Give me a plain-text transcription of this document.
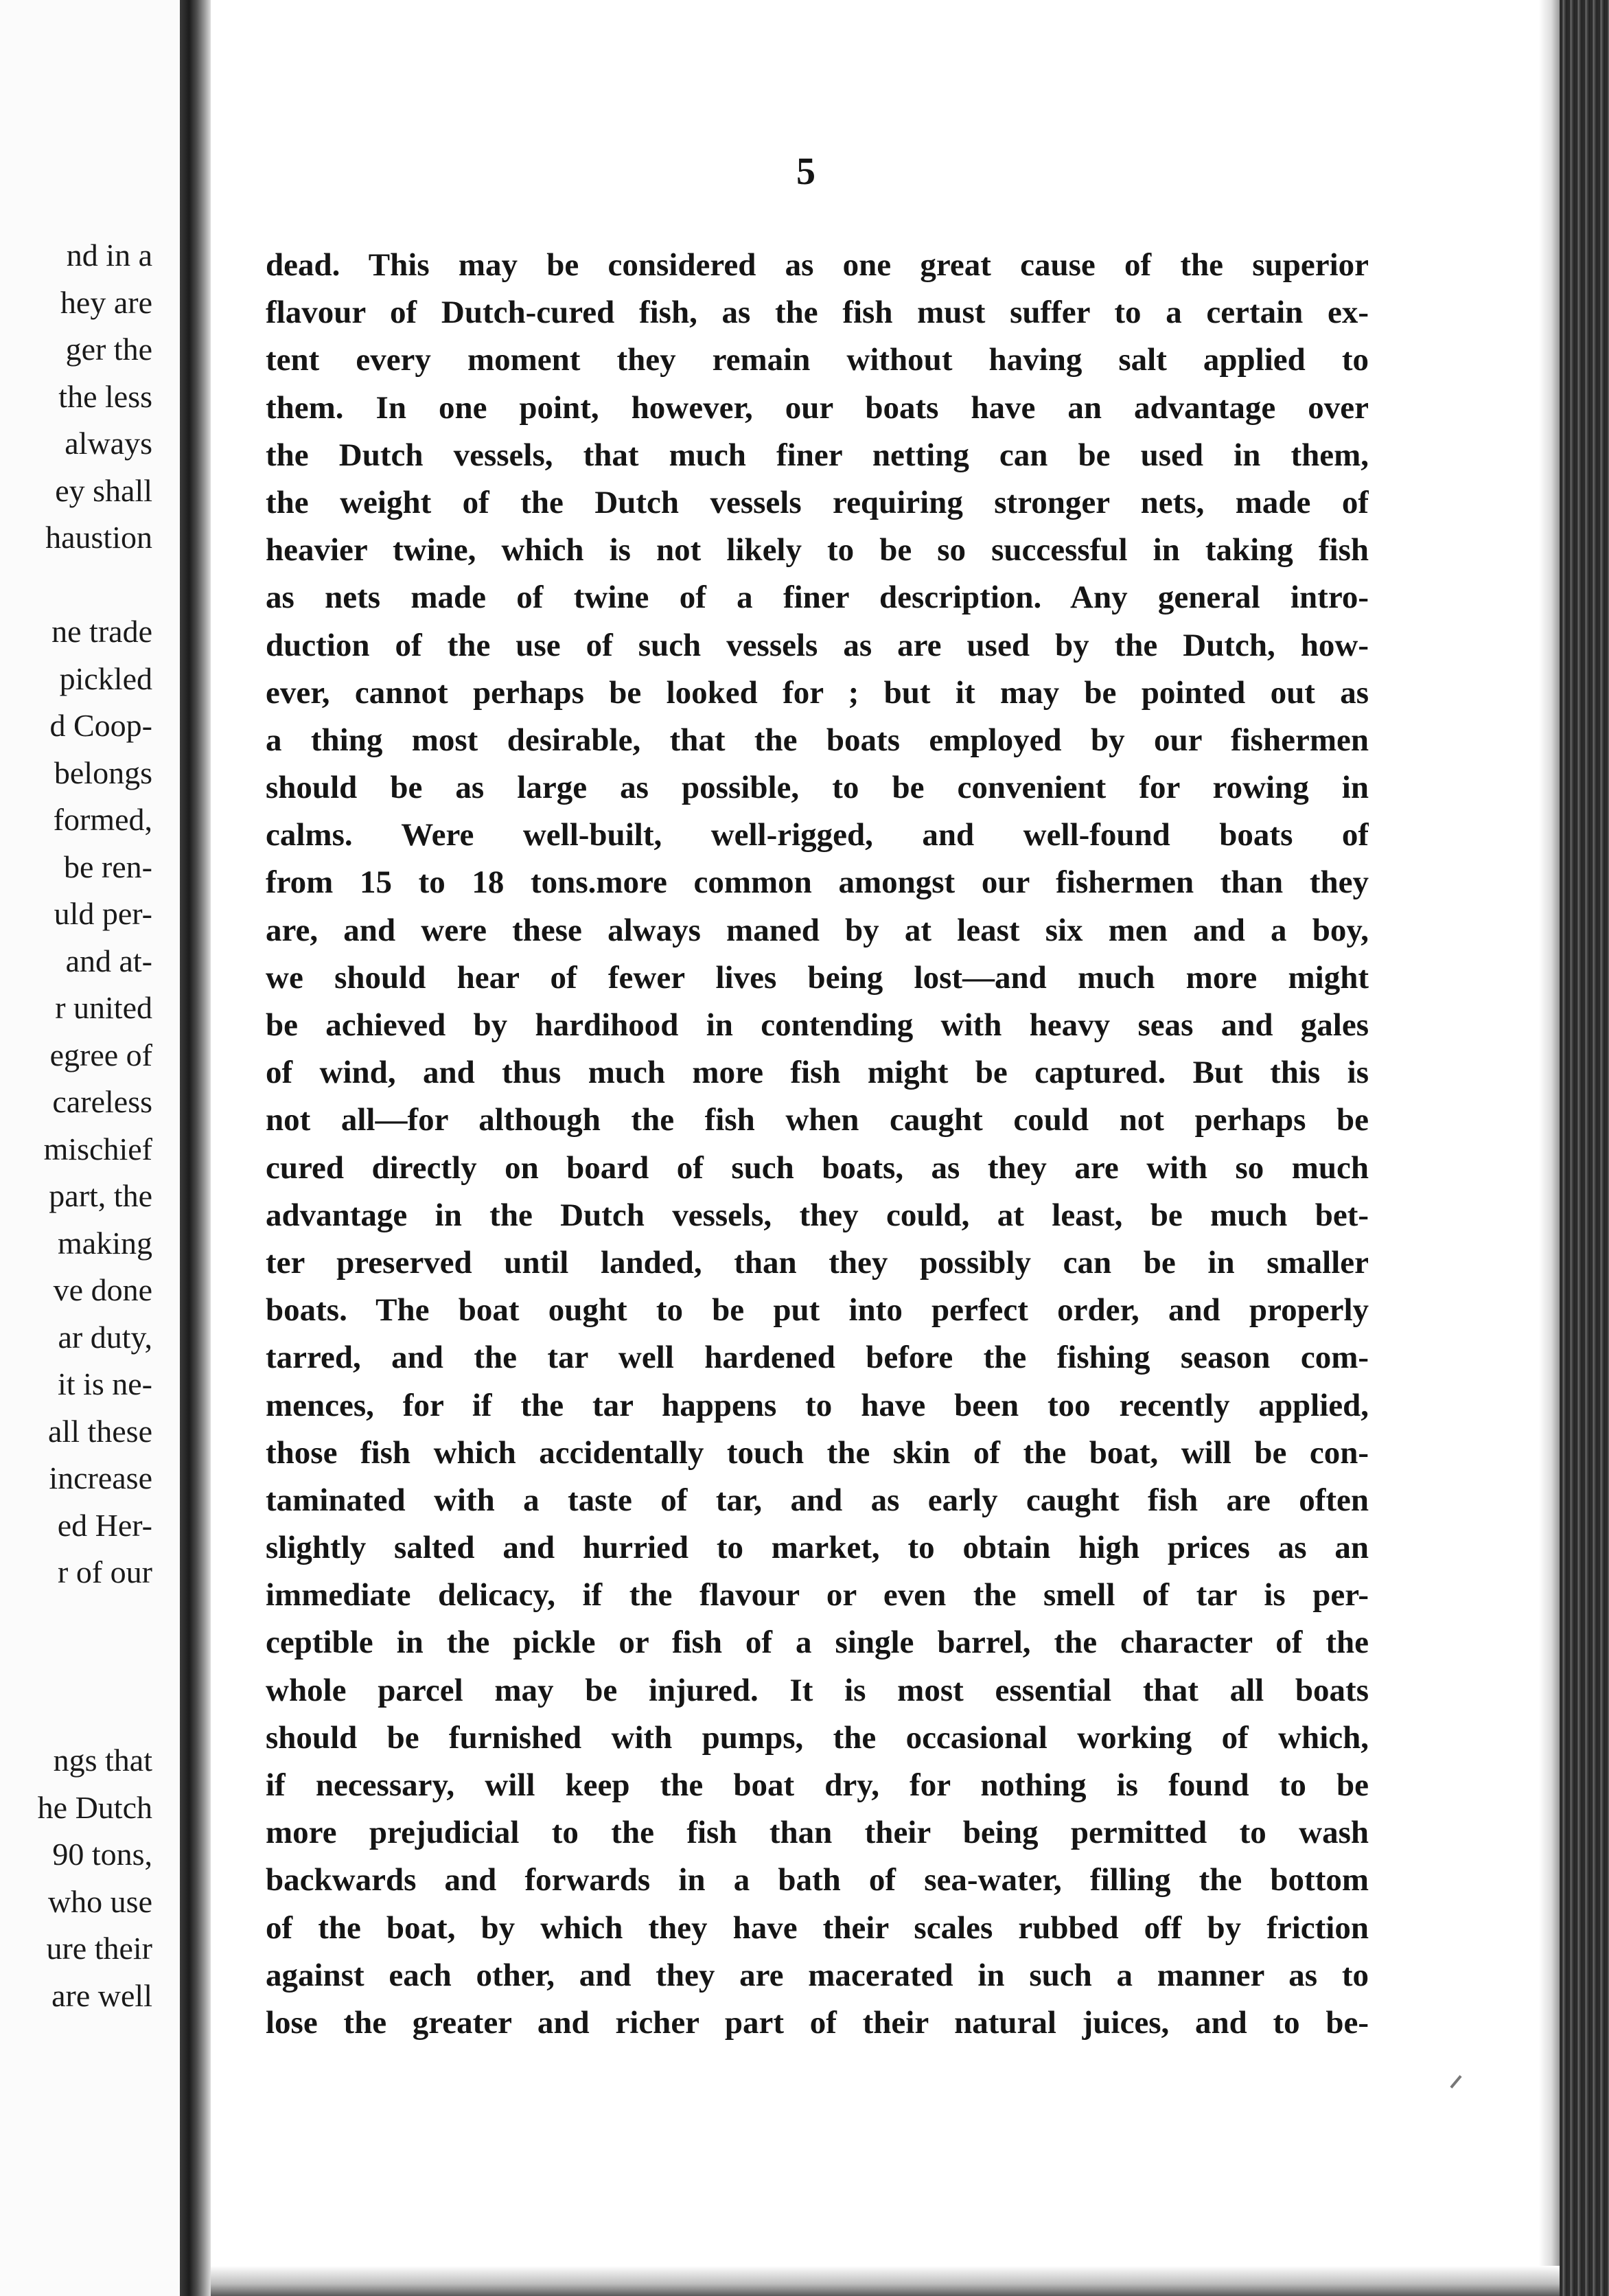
nd in a
hey are
ger the
the less
always
ey shall
haustion
ne trade
pickled
d Coop-
belongs
formed,
be ren-
uld per-
and at-
r united
egree of
careless
mischief
part, the
making
ve done
ar duty,
it is ne-
all these
increase
ed Her-
r of our
ngs that
he Dutch
90 tons,
who use
ure their
are well
5
dead. This may be considered as one great cause of the superior
flavour of Dutch-cured fish, as the fish must suffer to a certain ex-
tent every moment they remain without having salt applied to
them. In one point, however, our boats have an advantage over
the Dutch vessels, that much finer netting can be used in them,
the weight of the Dutch vessels requiring stronger nets, made of
heavier twine, which is not likely to be so successful in taking fish
as nets made of twine of a finer description. Any general intro-
duction of the use of such vessels as are used by the Dutch, how-
ever, cannot perhaps be looked for ; but it may be pointed out as
a thing most desirable, that the boats employed by our fishermen
should be as large as possible, to be convenient for rowing in
calms. Were well-built, well-rigged, and well-found boats of
from 15 to 18 tons.more common amongst our fishermen than they
are, and were these always maned by at least six men and a boy,
we should hear of fewer lives being lost—and much more might
be achieved by hardihood in contending with heavy seas and gales
of wind, and thus much more fish might be captured. But this is
not all—for although the fish when caught could not perhaps be
cured directly on board of such boats, as they are with so much
advantage in the Dutch vessels, they could, at least, be much bet-
ter preserved until landed, than they possibly can be in smaller
boats. The boat ought to be put into perfect order, and properly
tarred, and the tar well hardened before the fishing season com-
mences, for if the tar happens to have been too recently applied,
those fish which accidentally touch the skin of the boat, will be con-
taminated with a taste of tar, and as early caught fish are often
slightly salted and hurried to market, to obtain high prices as an
immediate delicacy, if the flavour or even the smell of tar is per-
ceptible in the pickle or fish of a single barrel, the character of the
whole parcel may be injured. It is most essential that all boats
should be furnished with pumps, the occasional working of which,
if necessary, will keep the boat dry, for nothing is found to be
more prejudicial to the fish than their being permitted to wash
backwards and forwards in a bath of sea-water, filling the bottom
of the boat, by which they have their scales rubbed off by friction
against each other, and they are macerated in such a manner as to
lose the greater and richer part of their natural juices, and to be-
